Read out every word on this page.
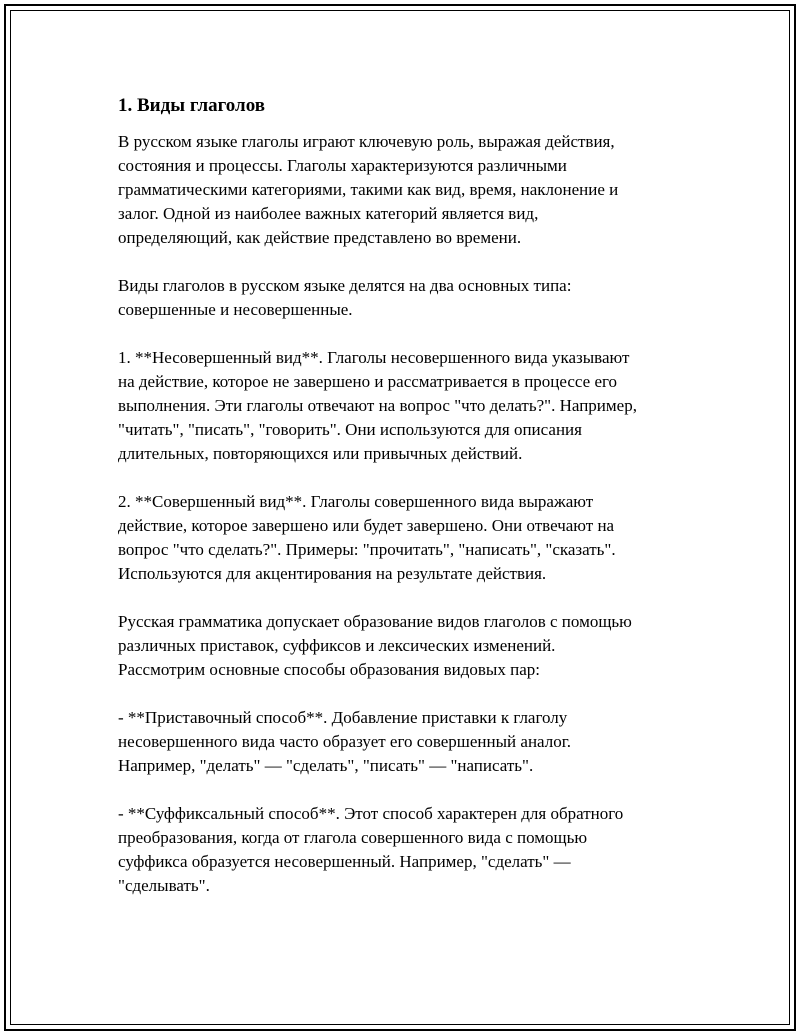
1. Виды глаголов

В русском языке глаголы играют ключевую роль, выражая действия,
состояния и процессы. Глаголы характеризуются различными
грамматическими категориями, такими как вид, время, наклонение и
залог. Одной из наиболее важных категорий является вид,
определяющий, как действие представлено во времени.

Виды глаголов в русском языке делятся на два основных типа:
совершенные и несовершенные.

1. **Несовершенный вид**. Глаголы несовершенного вида указывают
на действие, которое не завершено и рассматривается в процессе его
выполнения. Эти глаголы отвечают на вопрос "что делать?". Например,
"читать", "писать", "говорить". Они используются для описания
длительных, повторяющихся или привычных действий.

2. **Совершенный вид**. Глаголы совершенного вида выражают
действие, которое завершено или будет завершено. Они отвечают на
вопрос "что сделать?". Примеры: "прочитать", "написать", "сказать".
Используются для акцентирования на результате действия.

Русская грамматика допускает образование видов глаголов с помощью
различных приставок, суффиксов и лексических изменений.
Рассмотрим основные способы образования видовых пар:

- **Приставочный способ**. Добавление приставки к глаголу
несовершенного вида часто образует его совершенный аналог.
Например, "делать" — "сделать", "писать" — "написать".

- **Суффиксальный способ**. Этот способ характерен для обратного
преобразования, когда от глагола совершенного вида с помощью
суффикса образуется несовершенный. Например, "сделать" —
"сделывать".
